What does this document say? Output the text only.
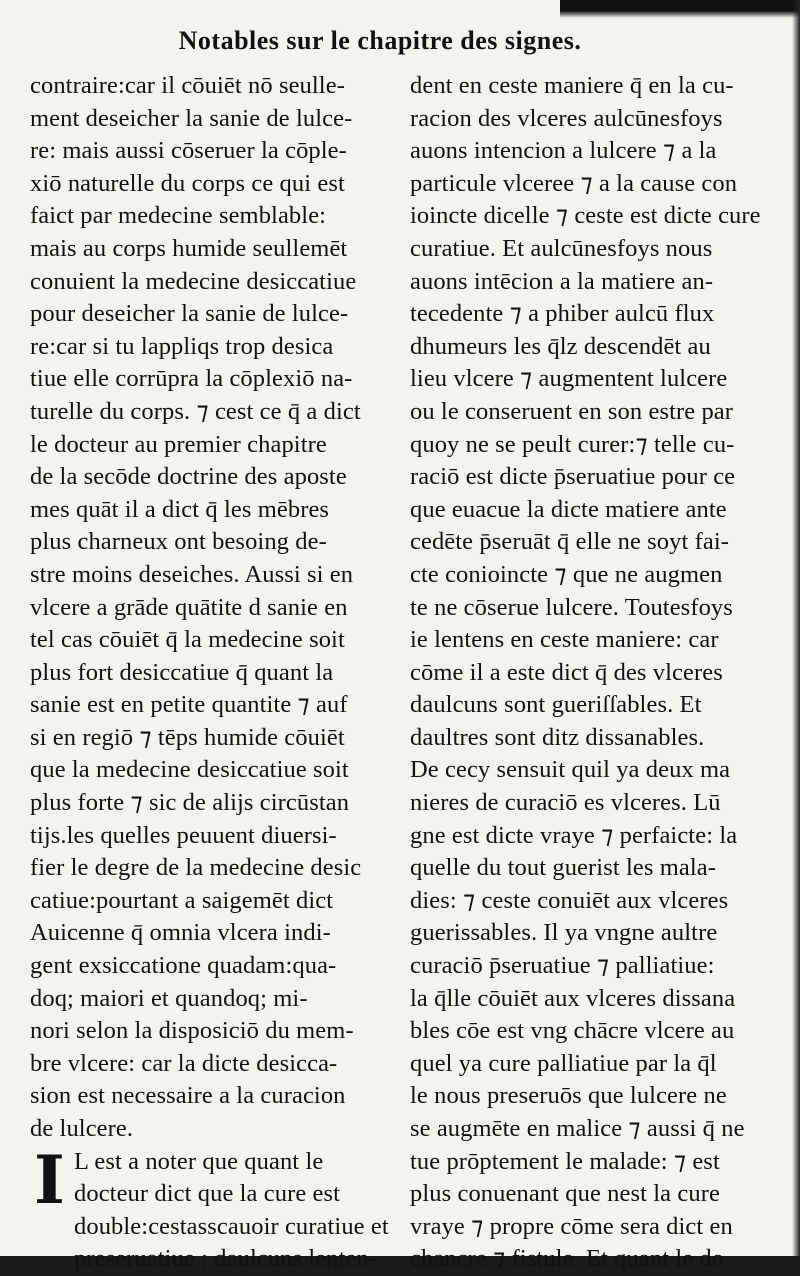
Notables sur le chapitre des signes.
contraire:car il cōuiēt nō seulle-
ment deseicher la sanie de lulce-
re: mais aussi cōseruer la cōple-
xiō naturelle du corps ce qui est
faict par medecine semblable:
mais au corps humide seullemēt
conuient la medecine desiccatiue
pour deseicher la sanie de lulce-
re:car si tu lappliqs trop desica
tiue elle corrūpra la cōplexiō na-
turelle du corps. ⁊ cest ce q̄ a dict
le docteur au premier chapitre
de la secōde doctrine des aposte
mes quāt il a dict q̄ les mēbres
plus charneux ont besoing de-
stre moins deseiches. Aussi si en
vlcere a grāde quātite d sanie en
tel cas cōuiēt q̄ la medecine soit
plus fort desiccatiue q̄ quant la
sanie est en petite quantite ⁊ auf
si en regiō ⁊ tēps humide cōuiēt
que la medecine desiccatiue soit
plus forte ⁊ sic de alijs circūstan
tijs.les quelles peuuent diuersi-
fier le degre de la medecine desic
catiue:pourtant a saigemēt dict
Auicenne q̄ omnia vlcera indi-
gent exsiccatione quadam:qua-
doq; maiori et quandoq; mi-
nori selon la disposiciō du mem-
bre vlcere: car la dicte desicca-
sion est necessaire a la curacion
de lulcere.
I L est a noter que quant le
docteur dict que la cure est
double:cestasscauoir curatiue et
preseruatiue : daulcuns lenten-
dent en ceste maniere q̄ en la cu-
racion des vlceres aulcūnesfoys
auons intencion a lulcere ⁊ a la
particule vlceree ⁊ a la cause con
ioincte dicelle ⁊ ceste est dicte cure
curatiue. Et aulcūnesfoys nous
auons intēcion a la matiere an-
tecedente ⁊ a phiber aulcū flux
dhumeurs les q̄lz descendēt au
lieu vlcere ⁊ augmentent lulcere
ou le conseruent en son estre par
quoy ne se peult curer:⁊ telle cu-
raciō est dicte p̄seruatiue pour ce
que euacue la dicte matiere ante
cedēte p̄seruāt q̄ elle ne soyt fai-
cte conioincte ⁊ que ne augmen
te ne cōserue lulcere. Toutesfoys
ie lentens en ceste maniere: car
cōme il a este dict q̄ des vlceres
daulcuns sont gueriſſables. Et
daultres sont ditz dissanables.
De cecy sensuit quil ya deux ma
nieres de curaciō es vlceres. Lū
gne est dicte vraye ⁊ perfaicte: la
quelle du tout guerist les mala-
dies: ⁊ ceste conuiēt aux vlceres
guerissables. Il ya vngne aultre
curaciō p̄seruatiue ⁊ palliatiue:
la q̄lle cōuiēt aux vlceres dissana
bles cōe est vng chācre vlcere au
quel ya cure palliatiue par la q̄l
le nous preseruōs que lulcere ne
se augmēte en malice ⁊ aussi q̄ ne
tue prōptement le malade: ⁊ est
plus conuenant que nest la cure
vraye ⁊ propre cōme sera dict en
chancre ⁊ fistule. Et quant le do
